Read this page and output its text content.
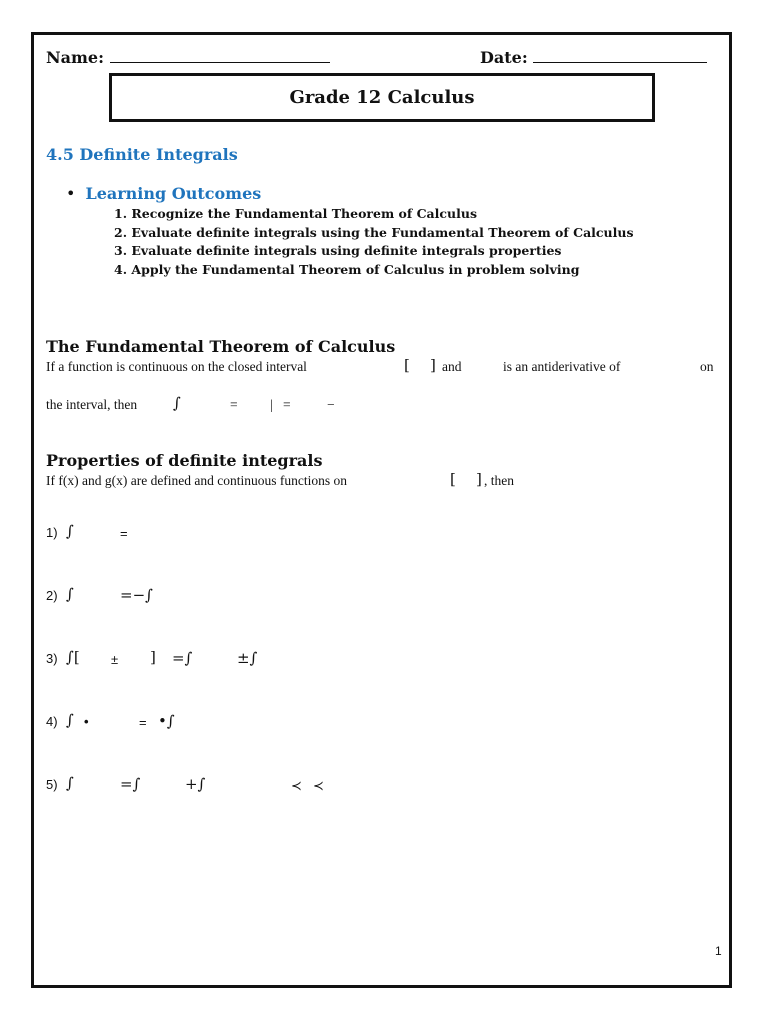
Name:	Date:
Grade 12 Calculus
4.5 Definite Integrals
• Learning Outcomes
1. Recognize the Fundamental Theorem of Calculus
2. Evaluate definite integrals using the Fundamental Theorem of Calculus
3. Evaluate definite integrals using definite integrals properties
4. Apply the Fundamental Theorem of Calculus in problem solving
The Fundamental Theorem of Calculus
If a function is continuous on the closed interval	[ ] and	is an antiderivative of	on
the interval, then ∫	= | =	−
Properties of definite integrals
If f(x) and g(x) are defined and continuous functions on	[ ] , then
1) ∫	=
2) ∫	=−∫
3) ∫[ ± ] =∫	±∫
4) ∫ •	= •∫
5) ∫	=∫	+∫	≺ ≺
1
